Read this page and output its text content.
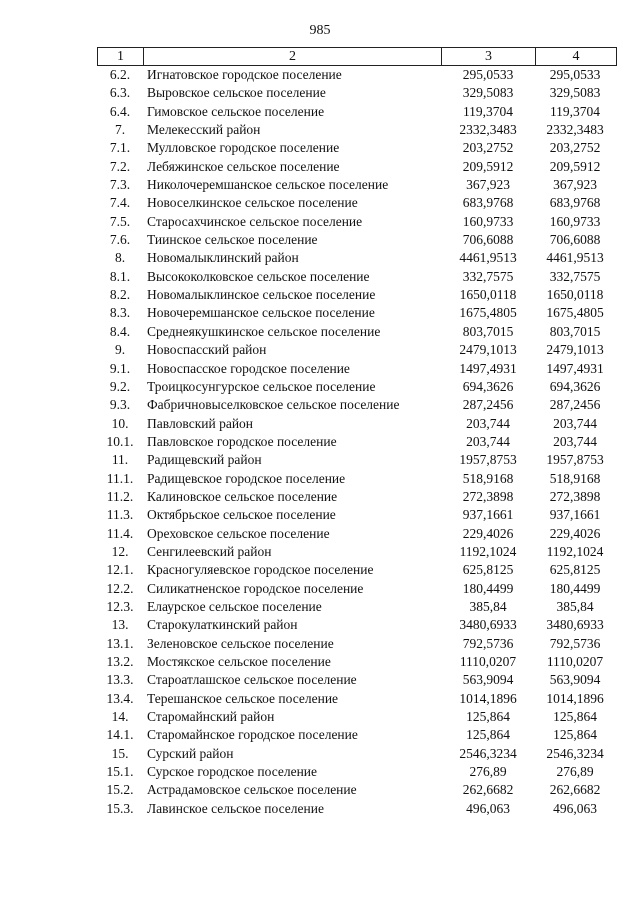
985
1	2	3	4
6.2.	Игнатовское городское поселение	295,0533	295,0533
6.3.	Выровское сельское поселение	329,5083	329,5083
6.4.	Гимовское сельское поселение	119,3704	119,3704
7.	Мелекесский район	2332,3483	2332,3483
7.1.	Мулловское городское поселение	203,2752	203,2752
7.2.	Лебяжинское сельское поселение	209,5912	209,5912
7.3.	Николочеремшанское сельское поселение	367,923	367,923
7.4.	Новоселкинское сельское поселение	683,9768	683,9768
7.5.	Старосахчинское сельское поселение	160,9733	160,9733
7.6.	Тиинское сельское поселение	706,6088	706,6088
8.	Новомалыклинский район	4461,9513	4461,9513
8.1.	Высококолковское сельское поселение	332,7575	332,7575
8.2.	Новомалыклинское сельское поселение	1650,0118	1650,0118
8.3.	Новочеремшанское сельское поселение	1675,4805	1675,4805
8.4.	Среднеякушкинское сельское поселение	803,7015	803,7015
9.	Новоспасский район	2479,1013	2479,1013
9.1.	Новоспасское городское поселение	1497,4931	1497,4931
9.2.	Троицкосунгурское сельское поселение	694,3626	694,3626
9.3.	Фабричновыселковское сельское поселение	287,2456	287,2456
10.	Павловский район	203,744	203,744
10.1.	Павловское городское поселение	203,744	203,744
11.	Радищевский район	1957,8753	1957,8753
11.1.	Радищевское городское поселение	518,9168	518,9168
11.2.	Калиновское сельское поселение	272,3898	272,3898
11.3.	Октябрьское сельское поселение	937,1661	937,1661
11.4.	Ореховское сельское поселение	229,4026	229,4026
12.	Сенгилеевский район	1192,1024	1192,1024
12.1.	Красногуляевское городское поселение	625,8125	625,8125
12.2.	Силикатненское городское поселение	180,4499	180,4499
12.3.	Елаурское сельское поселение	385,84	385,84
13.	Старокулаткинский район	3480,6933	3480,6933
13.1.	Зеленовское сельское поселение	792,5736	792,5736
13.2.	Мостякское сельское поселение	1110,0207	1110,0207
13.3.	Староатлашское сельское поселение	563,9094	563,9094
13.4.	Терешанское сельское поселение	1014,1896	1014,1896
14.	Старомайнский район	125,864	125,864
14.1.	Старомайнское городское поселение	125,864	125,864
15.	Сурский район	2546,3234	2546,3234
15.1.	Сурское городское поселение	276,89	276,89
15.2.	Астрадамовское сельское поселение	262,6682	262,6682
15.3.	Лавинское сельское поселение	496,063	496,063
